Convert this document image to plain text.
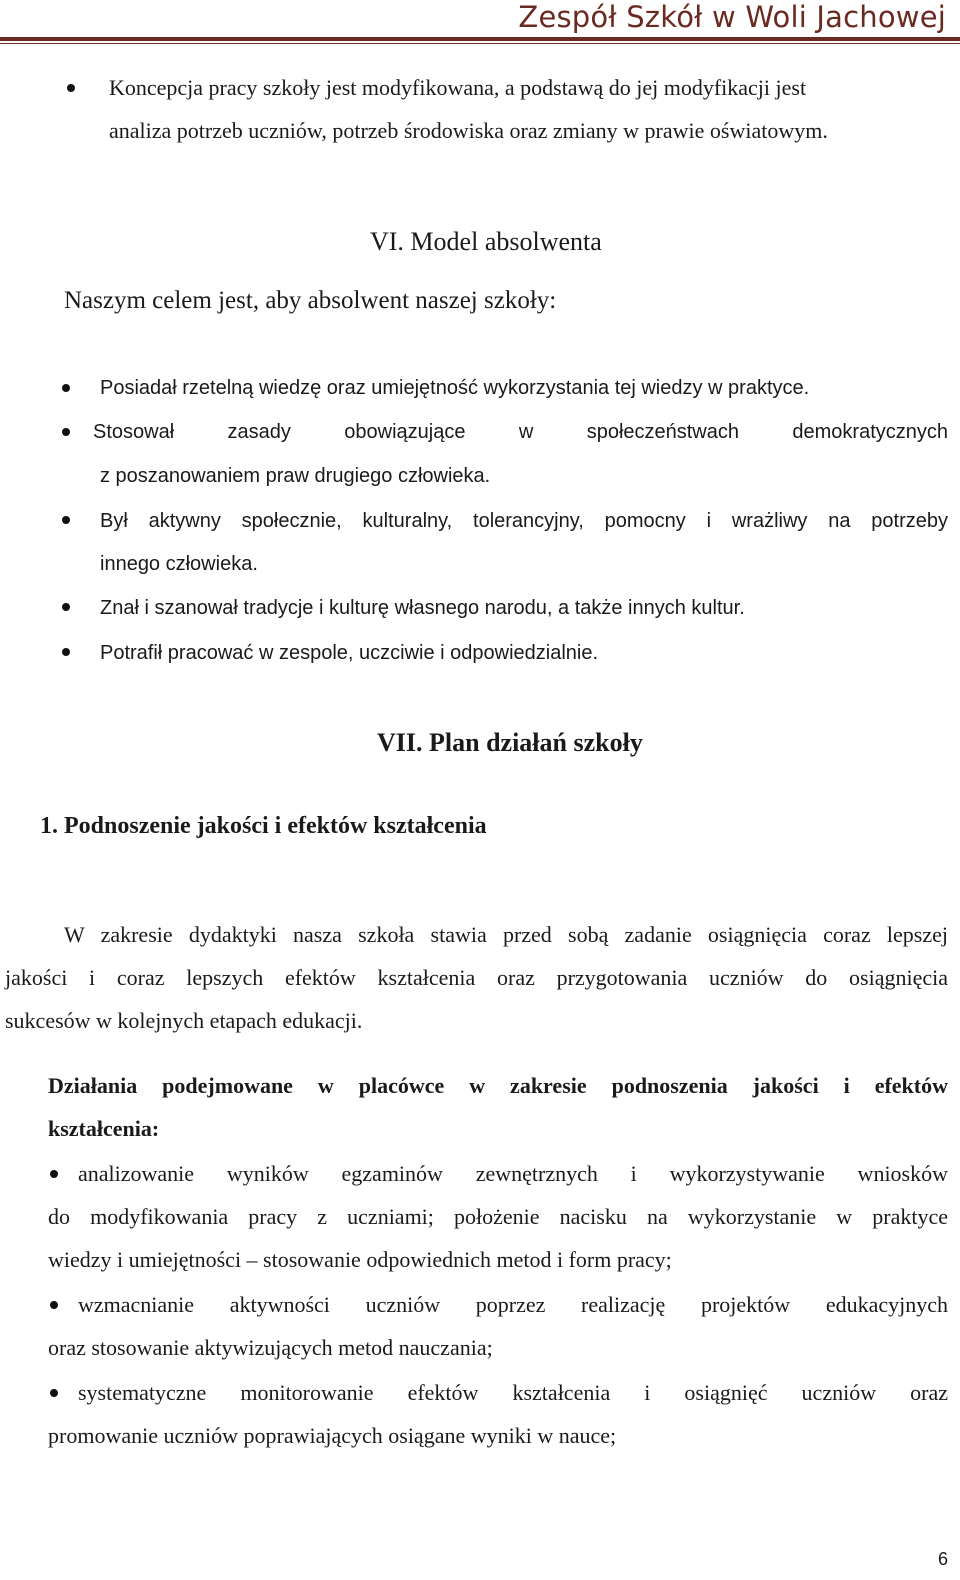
Zespół Szkół w Woli Jachowej
Koncepcja pracy szkoły jest modyfikowana, a podstawą do jej modyfikacji jest
analiza potrzeb uczniów, potrzeb środowiska oraz zmiany w prawie oświatowym.
VI. Model absolwenta
Naszym celem jest, aby absolwent naszej szkoły:
Posiadał rzetelną wiedzę oraz umiejętność wykorzystania tej wiedzy w praktyce.
Stosował zasady obowiązujące w społeczeństwach demokratycznych
z poszanowaniem praw drugiego człowieka.
Był aktywny społecznie, kulturalny, tolerancyjny, pomocny i wrażliwy na potrzeby
innego człowieka.
Znał i szanował tradycje i kulturę własnego narodu, a także innych kultur.
Potrafił pracować w zespole, uczciwie i odpowiedzialnie.
VII. Plan działań szkoły
1. Podnoszenie jakości i efektów kształcenia
W zakresie dydaktyki nasza szkoła stawia przed sobą zadanie osiągnięcia coraz lepszej
jakości i coraz lepszych efektów kształcenia oraz przygotowania uczniów do osiągnięcia
sukcesów w kolejnych etapach edukacji.
Działania podejmowane w placówce w zakresie podnoszenia jakości i efektów
kształcenia:
analizowanie wyników egzaminów zewnętrznych i wykorzystywanie wniosków
do modyfikowania pracy z uczniami; położenie nacisku na wykorzystanie w praktyce
wiedzy i umiejętności – stosowanie odpowiednich metod i form pracy;
wzmacnianie aktywności uczniów poprzez realizację projektów edukacyjnych
oraz stosowanie aktywizujących metod nauczania;
systematyczne monitorowanie efektów kształcenia i osiągnięć uczniów oraz
promowanie uczniów poprawiających osiągane wyniki w nauce;
6
